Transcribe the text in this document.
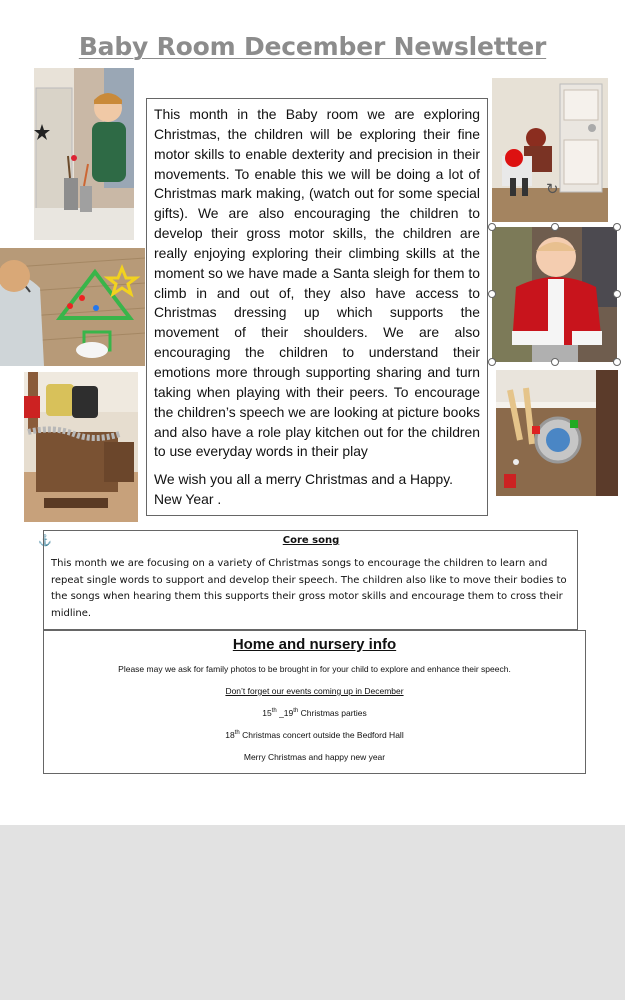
Baby Room December Newsletter
↻

This month in the Baby room we are exploring Christmas, the children will be exploring their fine motor skills to enable dexterity and precision in their movements. To enable this we will be doing a lot of Christmas mark making, (watch out for some special gifts). We are also encouraging the children to develop their gross motor skills, the children are really enjoying exploring their climbing skills at the moment so we have made a Santa sleigh for them to climb in and out of, they also have access to Christmas dressing up which supports the movement of their shoulders. We are also encouraging the children to understand their emotions more through supporting sharing and turn taking when playing with their peers. To encourage the children’s speech we are looking at picture books and also have a role play kitchen out for the children to use everyday words in their play

We wish you all a merry Christmas and a Happy. New Year .

⚓	Core song

This month we are focusing on a variety of Christmas songs to encourage the children to learn and repeat single words to support and develop their speech. The children also like to move their bodies to the songs when hearing them this supports their gross motor skills and encourage them to cross their midline.

Home and nursery info
Please may we ask for family photos to be brought in for your child to explore and enhance their speech.
Don’t forget our events coming up in December
15th _19th Christmas parties
18th Christmas concert outside the Bedford Hall
Merry Christmas and happy new year
